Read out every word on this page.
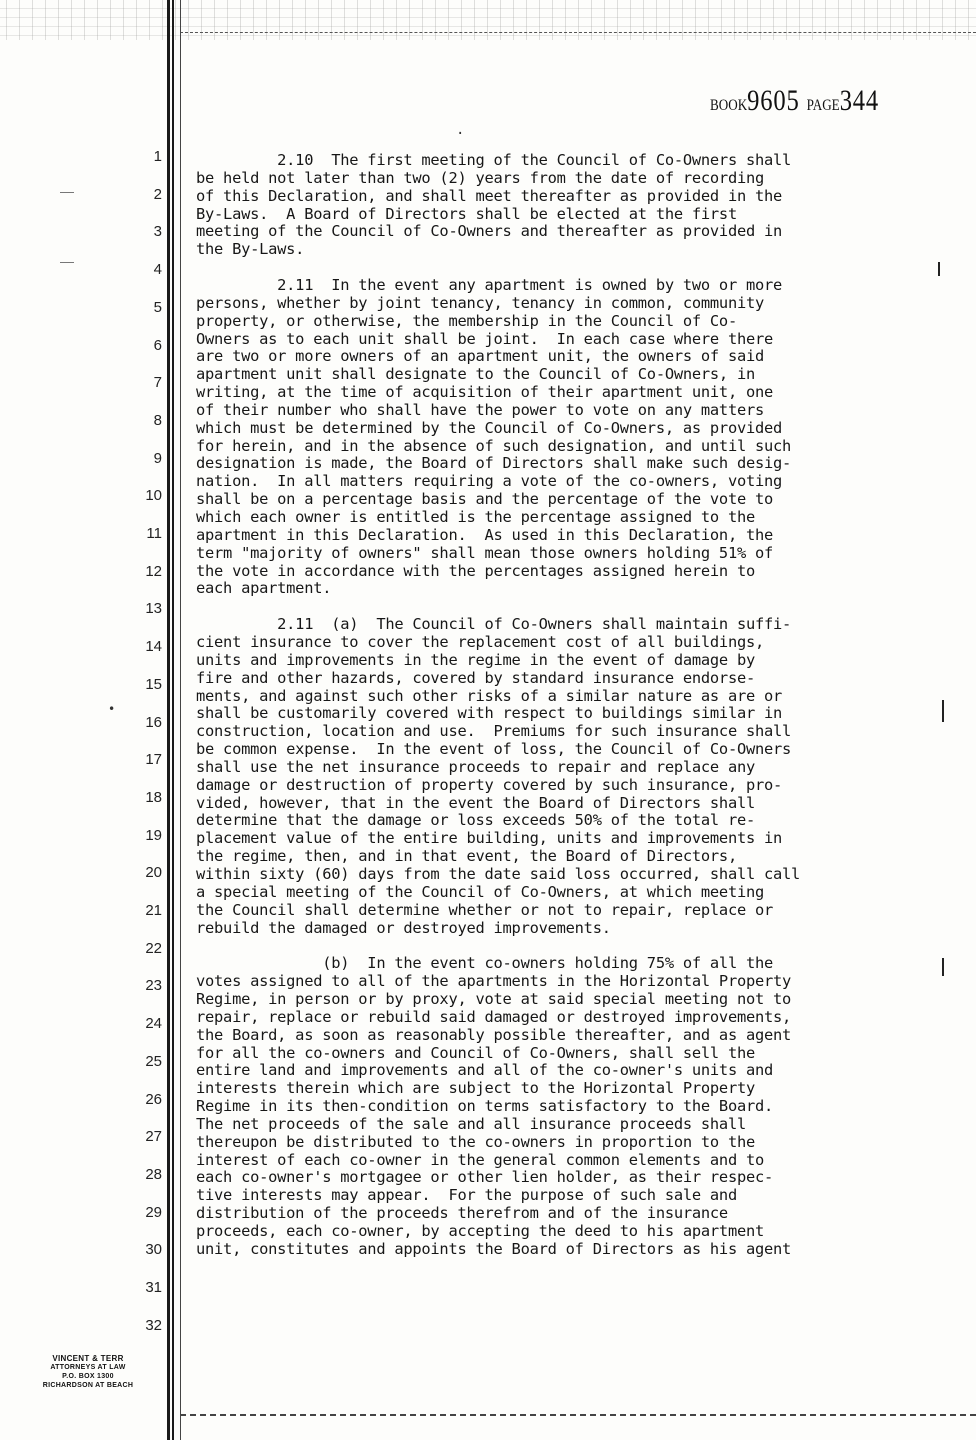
BOOK9605 PAGE344
.
1
2
3
4
5
6
7
8
9
10
11
12
13
14
15
16
17
18
19
20
21
22
23
24
25
26
27
28
29
30
31
32
2.10  The first meeting of the Council of Co-Owners shall
be held not later than two (2) years from the date of recording
of this Declaration, and shall meet thereafter as provided in the
By-Laws.  A Board of Directors shall be elected at the first
meeting of the Council of Co-Owners and thereafter as provided in
the By-Laws.
2.11  In the event any apartment is owned by two or more
persons, whether by joint tenancy, tenancy in common, community
property, or otherwise, the membership in the Council of Co-
Owners as to each unit shall be joint.  In each case where there
are two or more owners of an apartment unit, the owners of said
apartment unit shall designate to the Council of Co-Owners, in
writing, at the time of acquisition of their apartment unit, one
of their number who shall have the power to vote on any matters
which must be determined by the Council of Co-Owners, as provided
for herein, and in the absence of such designation, and until such
designation is made, the Board of Directors shall make such desig-
nation.  In all matters requiring a vote of the co-owners, voting
shall be on a percentage basis and the percentage of the vote to
which each owner is entitled is the percentage assigned to the
apartment in this Declaration.  As used in this Declaration, the
term "majority of owners" shall mean those owners holding 51% of
the vote in accordance with the percentages assigned herein to
each apartment.
2.11  (a)  The Council of Co-Owners shall maintain suffi-
cient insurance to cover the replacement cost of all buildings,
units and improvements in the regime in the event of damage by
fire and other hazards, covered by standard insurance endorse-
ments, and against such other risks of a similar nature as are or
shall be customarily covered with respect to buildings similar in
construction, location and use.  Premiums for such insurance shall
be common expense.  In the event of loss, the Council of Co-Owners
shall use the net insurance proceeds to repair and replace any
damage or destruction of property covered by such insurance, pro-
vided, however, that in the event the Board of Directors shall
determine that the damage or loss exceeds 50% of the total re-
placement value of the entire building, units and improvements in
the regime, then, and in that event, the Board of Directors,
within sixty (60) days from the date said loss occurred, shall call
a special meeting of the Council of Co-Owners, at which meeting
the Council shall determine whether or not to repair, replace or
rebuild the damaged or destroyed improvements.
(b)  In the event co-owners holding 75% of all the
votes assigned to all of the apartments in the Horizontal Property
Regime, in person or by proxy, vote at said special meeting not to
repair, replace or rebuild said damaged or destroyed improvements,
the Board, as soon as reasonably possible thereafter, and as agent
for all the co-owners and Council of Co-Owners, shall sell the
entire land and improvements and all of the co-owner's units and
interests therein which are subject to the Horizontal Property
Regime in its then-condition on terms satisfactory to the Board.
The net proceeds of the sale and all insurance proceeds shall
thereupon be distributed to the co-owners in proportion to the
interest of each co-owner in the general common elements and to
each co-owner's mortgagee or other lien holder, as their respec-
tive interests may appear.  For the purpose of such sale and
distribution of the proceeds therefrom and of the insurance
proceeds, each co-owner, by accepting the deed to his apartment
unit, constitutes and appoints the Board of Directors as his agent
•
VINCENT & TERR
ATTORNEYS AT LAW
P.O. BOX 1300
RICHARDSON AT BEACH
